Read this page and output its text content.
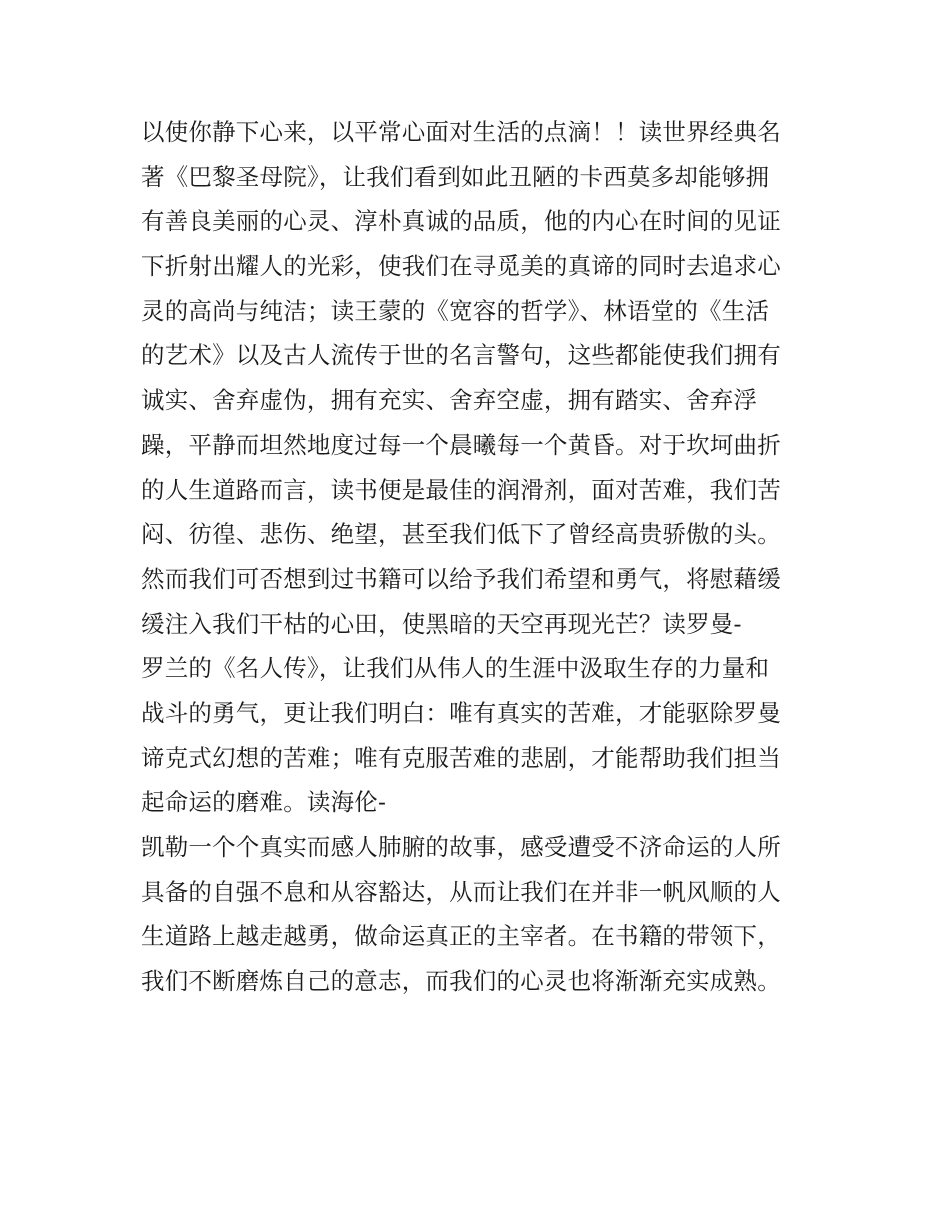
以使你静下心来，以平常心面对生活的点滴！！读世界经典名
著《巴黎圣母院》，让我们看到如此丑陋的卡西莫多却能够拥
有善良美丽的心灵、淳朴真诚的品质，他的内心在时间的见证
下折射出耀人的光彩，使我们在寻觅美的真谛的同时去追求心
灵的高尚与纯洁；读王蒙的《宽容的哲学》、林语堂的《生活
的艺术》以及古人流传于世的名言警句，这些都能使我们拥有
诚实、舍弃虚伪，拥有充实、舍弃空虚，拥有踏实、舍弃浮
躁，平静而坦然地度过每一个晨曦每一个黄昏。对于坎坷曲折
的人生道路而言，读书便是最佳的润滑剂，面对苦难，我们苦
闷、彷徨、悲伤、绝望，甚至我们低下了曾经高贵骄傲的头。
然而我们可否想到过书籍可以给予我们希望和勇气，将慰藉缓
缓注入我们干枯的心田，使黑暗的天空再现光芒？读罗曼-
罗兰的《名人传》，让我们从伟人的生涯中汲取生存的力量和
战斗的勇气，更让我们明白：唯有真实的苦难，才能驱除罗曼
谛克式幻想的苦难；唯有克服苦难的悲剧，才能帮助我们担当
起命运的磨难。读海伦-
凯勒一个个真实而感人肺腑的故事，感受遭受不济命运的人所
具备的自强不息和从容豁达，从而让我们在并非一帆风顺的人
生道路上越走越勇，做命运真正的主宰者。在书籍的带领下，
我们不断磨炼自己的意志，而我们的心灵也将渐渐充实成熟。
